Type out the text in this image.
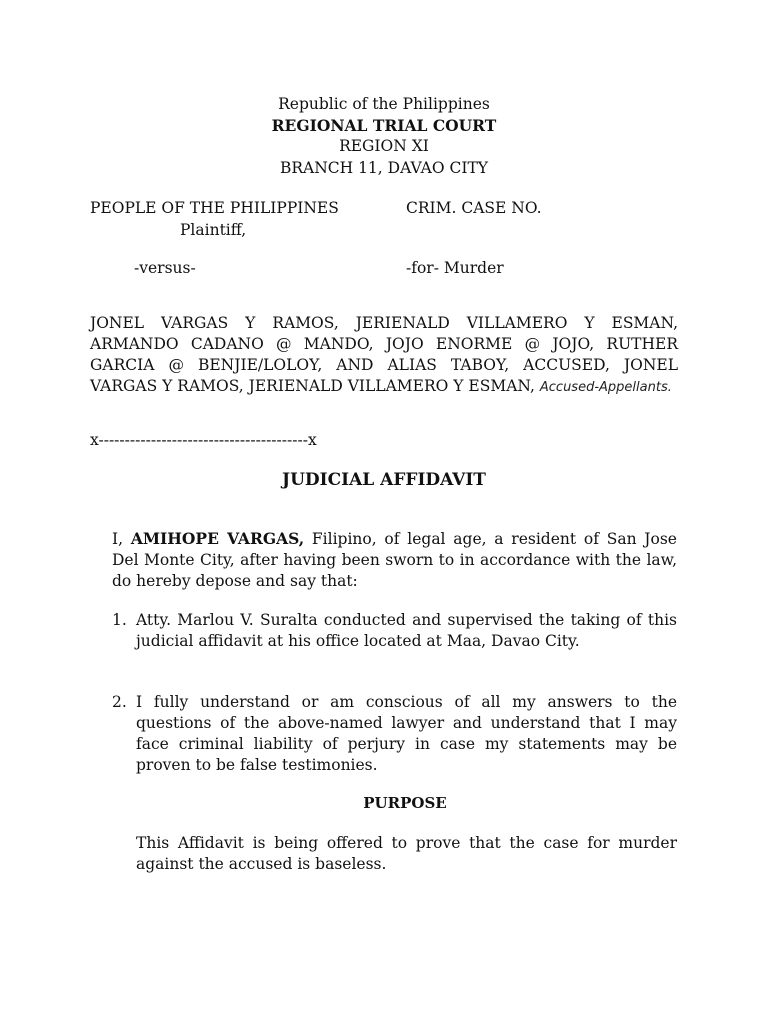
Republic of the Philippines
REGIONAL TRIAL COURT
REGION XI
BRANCH 11, DAVAO CITY
PEOPLE OF THE PHILIPPINES
Plaintiff,
CRIM. CASE NO.
-versus-	-for- Murder
JONEL VARGAS Y RAMOS, JERIENALD VILLAMERO Y ESMAN, ARMANDO CADANO @ MANDO, JOJO ENORME @ JOJO, RUTHER GARCIA @ BENJIE/LOLOY, AND ALIAS TABOY, ACCUSED, JONEL VARGAS Y RAMOS, JERIENALD VILLAMERO Y ESMAN, Accused-Appellants.
x----------------------------------------x
JUDICIAL AFFIDAVIT
I, AMIHOPE VARGAS, Filipino, of legal age, a resident of San Jose Del Monte City, after having been sworn to in accordance with the law, do hereby depose and say that:
1. Atty. Marlou V. Suralta conducted and supervised the taking of this judicial affidavit at his office located at Maa, Davao City.
2. I fully understand or am conscious of all my answers to the questions of the above-named lawyer and understand that I may face criminal liability of perjury in case my statements may be proven to be false testimonies.
PURPOSE
This Affidavit is being offered to prove that the case for murder against the accused is baseless.
